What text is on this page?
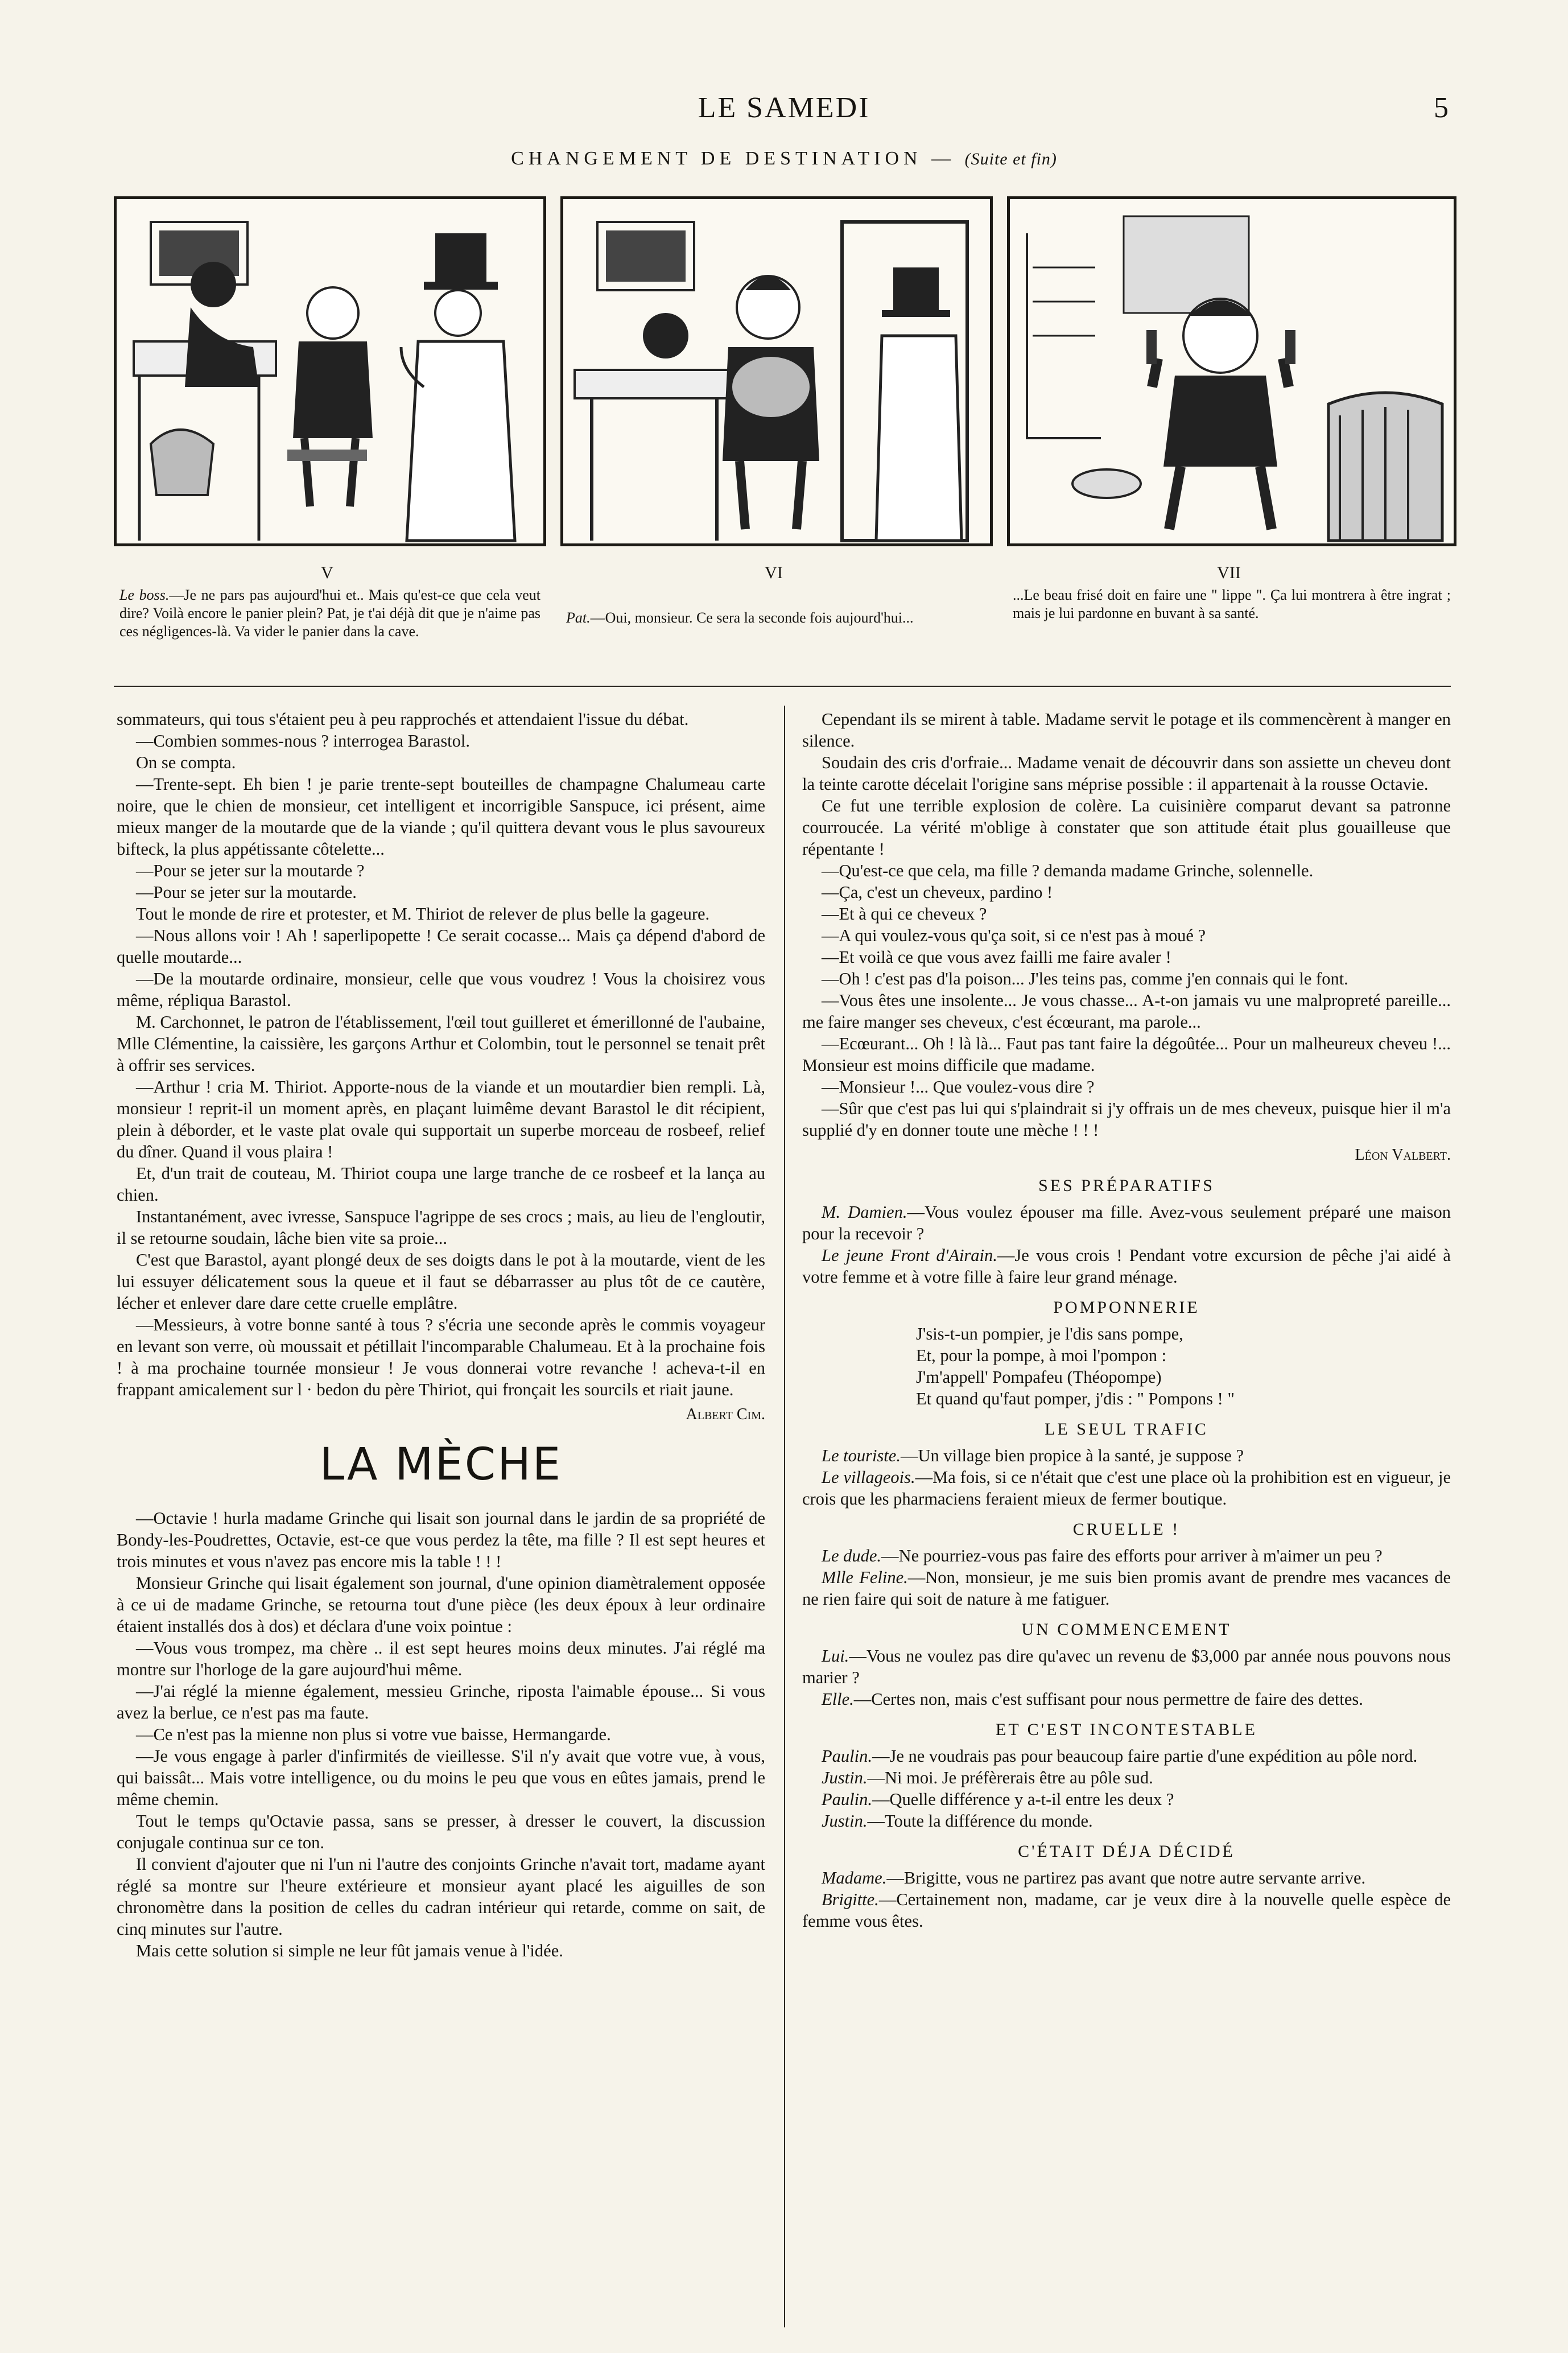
LE SAMEDI	5
CHANGEMENT DE DESTINATION — (Suite et fin)
V
Le boss.—Je ne pars pas aujourd'hui et.. Mais qu'est-ce que cela veut dire? Voilà encore le panier plein? Pat, je t'ai déjà dit que je n'aime pas ces négligences-là. Va vider le panier dans la cave.
VI
Pat.—Oui, monsieur. Ce sera la seconde fois aujourd'hui...
VII
...Le beau frisé doit en faire une " lippe ". Ça lui montrera à être ingrat ; mais je lui pardonne en buvant à sa santé.

sommateurs, qui tous s'étaient peu à peu rapprochés et attendaient l'issue du débat.

—Combien sommes-nous ? interrogea Barastol.

On se compta.

—Trente-sept. Eh bien ! je parie trente-sept bouteilles de champagne Chalumeau carte noire, que le chien de monsieur, cet intelligent et incorrigible Sanspuce, ici présent, aime mieux manger de la moutarde que de la viande ; qu'il quittera devant vous le plus savoureux bifteck, la plus appétissante côtelette...

—Pour se jeter sur la moutarde ?

—Pour se jeter sur la moutarde.

Tout le monde de rire et protester, et M. Thiriot de relever de plus belle la gageure.

—Nous allons voir ! Ah ! saperlipopette ! Ce serait cocasse... Mais ça dépend d'abord de quelle moutarde...

—De la moutarde ordinaire, monsieur, celle que vous voudrez ! Vous la choisirez vous même, répliqua Barastol.

M. Carchonnet, le patron de l'établissement, l'œil tout guilleret et émerillonné de l'aubaine, Mlle Clémentine, la caissière, les garçons Arthur et Colombin, tout le personnel se tenait prêt à offrir ses services.

—Arthur ! cria M. Thiriot. Apporte-nous de la viande et un moutardier bien rempli. Là, monsieur ! reprit-il un moment après, en plaçant luimême devant Barastol le dit récipient, plein à déborder, et le vaste plat ovale qui supportait un superbe morceau de rosbeef, relief du dîner. Quand il vous plaira !

Et, d'un trait de couteau, M. Thiriot coupa une large tranche de ce rosbeef et la lança au chien.

Instantanément, avec ivresse, Sanspuce l'agrippe de ses crocs ; mais, au lieu de l'engloutir, il se retourne soudain, lâche bien vite sa proie...

C'est que Barastol, ayant plongé deux de ses doigts dans le pot à la moutarde, vient de les lui essuyer délicatement sous la queue et il faut se débarrasser au plus tôt de ce cautère, lécher et enlever dare dare cette cruelle emplâtre.

—Messieurs, à votre bonne santé à tous ? s'écria une seconde après le commis voyageur en levant son verre, où moussait et pétillait l'incomparable Chalumeau. Et à la prochaine fois ! à ma prochaine tournée monsieur ! Je vous donnerai votre revanche ! acheva-t-il en frappant amicalement sur l · bedon du père Thiriot, qui fronçait les sourcils et riait jaune.

Albert Cim.

LA MÈCHE

—Octavie ! hurla madame Grinche qui lisait son journal dans le jardin de sa propriété de Bondy-les-Poudrettes, Octavie, est-ce que vous perdez la tête, ma fille ? Il est sept heures et trois minutes et vous n'avez pas encore mis la table ! ! !

Monsieur Grinche qui lisait également son journal, d'une opinion diamètralement opposée à ce ui de madame Grinche, se retourna tout d'une pièce (les deux époux à leur ordinaire étaient installés dos à dos) et déclara d'une voix pointue :

—Vous vous trompez, ma chère .. il est sept heures moins deux minutes. J'ai réglé ma montre sur l'horloge de la gare aujourd'hui même.

—J'ai réglé la mienne également, messieu Grinche, riposta l'aimable épouse... Si vous avez la berlue, ce n'est pas ma faute.

—Ce n'est pas la mienne non plus si votre vue baisse, Hermangarde.

—Je vous engage à parler d'infirmités de vieillesse. S'il n'y avait que votre vue, à vous, qui baissât... Mais votre intelligence, ou du moins le peu que vous en eûtes jamais, prend le même chemin.

Tout le temps qu'Octavie passa, sans se presser, à dresser le couvert, la discussion conjugale continua sur ce ton.

Il convient d'ajouter que ni l'un ni l'autre des conjoints Grinche n'avait tort, madame ayant réglé sa montre sur l'heure extérieure et monsieur ayant placé les aiguilles de son chronomètre dans la position de celles du cadran intérieur qui retarde, comme on sait, de cinq minutes sur l'autre.

Mais cette solution si simple ne leur fût jamais venue à l'idée.

Cependant ils se mirent à table. Madame servit le potage et ils commencèrent à manger en silence.

Soudain des cris d'orfraie... Madame venait de découvrir dans son assiette un cheveu dont la teinte carotte décelait l'origine sans méprise possible : il appartenait à la rousse Octavie.

Ce fut une terrible explosion de colère. La cuisinière comparut devant sa patronne courroucée. La vérité m'oblige à constater que son attitude était plus gouailleuse que répentante !

—Qu'est-ce que cela, ma fille ? demanda madame Grinche, solennelle.

—Ça, c'est un cheveux, pardino !

—Et à qui ce cheveux ?

—A qui voulez-vous qu'ça soit, si ce n'est pas à moué ?

—Et voilà ce que vous avez failli me faire avaler !

—Oh ! c'est pas d'la poison... J'les teins pas, comme j'en connais qui le font.

—Vous êtes une insolente... Je vous chasse... A-t-on jamais vu une malpropreté pareille... me faire manger ses cheveux, c'est écœurant, ma parole...

—Ecœurant... Oh ! là là... Faut pas tant faire la dégoûtée... Pour un malheureux cheveu !... Monsieur est moins difficile que madame.

—Monsieur !... Que voulez-vous dire ?

—Sûr que c'est pas lui qui s'plaindrait si j'y offrais un de mes cheveux, puisque hier il m'a supplié d'y en donner toute une mèche ! ! !

Léon Valbert.

SES PRÉPARATIFS

M. Damien.—Vous voulez épouser ma fille. Avez-vous seulement préparé une maison pour la recevoir ?

Le jeune Front d'Airain.—Je vous crois ! Pendant votre excursion de pêche j'ai aidé à votre femme et à votre fille à faire leur grand ménage.

POMPONNERIE

J'sis-t-un pompier, je l'dis sans pompe,
Et, pour la pompe, à moi l'pompon :
J'm'appell' Pompafeu (Théopompe)
Et quand qu'faut pomper, j'dis : " Pompons ! "

LE SEUL TRAFIC

Le touriste.—Un village bien propice à la santé, je suppose ?

Le villageois.—Ma fois, si ce n'était que c'est une place où la prohibition est en vigueur, je crois que les pharmaciens feraient mieux de fermer boutique.

CRUELLE !

Le dude.—Ne pourriez-vous pas faire des efforts pour arriver à m'aimer un peu ?

Mlle Feline.—Non, monsieur, je me suis bien promis avant de prendre mes vacances de ne rien faire qui soit de nature à me fatiguer.

UN COMMENCEMENT

Lui.—Vous ne voulez pas dire qu'avec un revenu de $3,000 par année nous pouvons nous marier ?

Elle.—Certes non, mais c'est suffisant pour nous permettre de faire des dettes.

ET C'EST INCONTESTABLE

Paulin.—Je ne voudrais pas pour beaucoup faire partie d'une expédition au pôle nord.

Justin.—Ni moi. Je préfèrerais être au pôle sud.

Paulin.—Quelle différence y a-t-il entre les deux ?

Justin.—Toute la différence du monde.

C'ÉTAIT DÉJA DÉCIDÉ

Madame.—Brigitte, vous ne partirez pas avant que notre autre servante arrive.

Brigitte.—Certainement non, madame, car je veux dire à la nouvelle quelle espèce de femme vous êtes.
